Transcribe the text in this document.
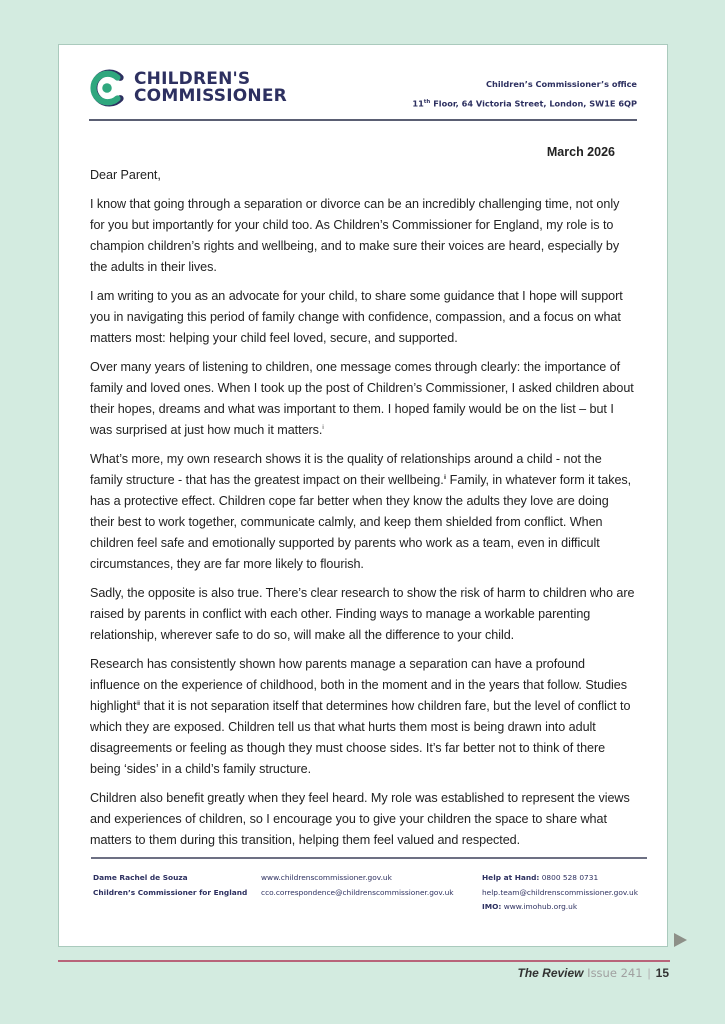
CHILDREN'S
COMMISSIONER
Children’s Commissioner’s office
11th Floor, 64 Victoria Street, London, SW1E 6QP
March 2026

Dear Parent,

I know that going through a separation or divorce can be an incredibly challenging time, not only for you but importantly for your child too. As Children’s Commissioner for England, my role is to champion children’s rights and wellbeing, and to make sure their voices are heard, especially by the adults in their lives.

I am writing to you as an advocate for your child, to share some guidance that I hope will support you in navigating this period of family change with confidence, compassion, and a focus on what matters most: helping your child feel loved, secure, and supported.

Over many years of listening to children, one message comes through clearly: the importance of family and loved ones. When I took up the post of Children’s Commissioner, I asked children about their hopes, dreams and what was important to them. I hoped family would be on the list – but I was surprised at just how much it matters.$^i$

What’s more, my own research shows it is the quality of relationships around a child - not the family structure - that has the greatest impact on their wellbeing.$^{ii}$ Family, in whatever form it takes, has a protective effect. Children cope far better when they know the adults they love are doing their best to work together, communicate calmly, and keep them shielded from conflict. When children feel safe and emotionally supported by parents who work as a team, even in difficult circumstances, they are far more likely to flourish.

Sadly, the opposite is also true. There’s clear research to show the risk of harm to children who are raised by parents in conflict with each other. Finding ways to manage a workable parenting relationship, wherever safe to do so, will make all the difference to your child.

Research has consistently shown how parents manage a separation can have a profound influence on the experience of childhood, both in the moment and in the years that follow. Studies highlight$^{iii}$ that it is not separation itself that determines how children fare, but the level of conflict to which they are exposed. Children tell us that what hurts them most is being drawn into adult disagreements or feeling as though they must choose sides. It’s far better not to think of there being ‘sides’ in a child’s family structure.

Children also benefit greatly when they feel heard. My role was established to represent the views and experiences of children, so I encourage you to give your children the space to share what matters to them during this transition, helping them feel valued and respected.

Dame Rachel de Souza
Children’s Commissioner for England
www.childrenscommissioner.gov.uk
cco.correspondence@childrenscommissioner.gov.uk
Help at Hand: 0800 528 0731
help.team@childrenscommissioner.gov.uk
IMO: www.imohub.org.uk
The Review Issue 241 | 15
